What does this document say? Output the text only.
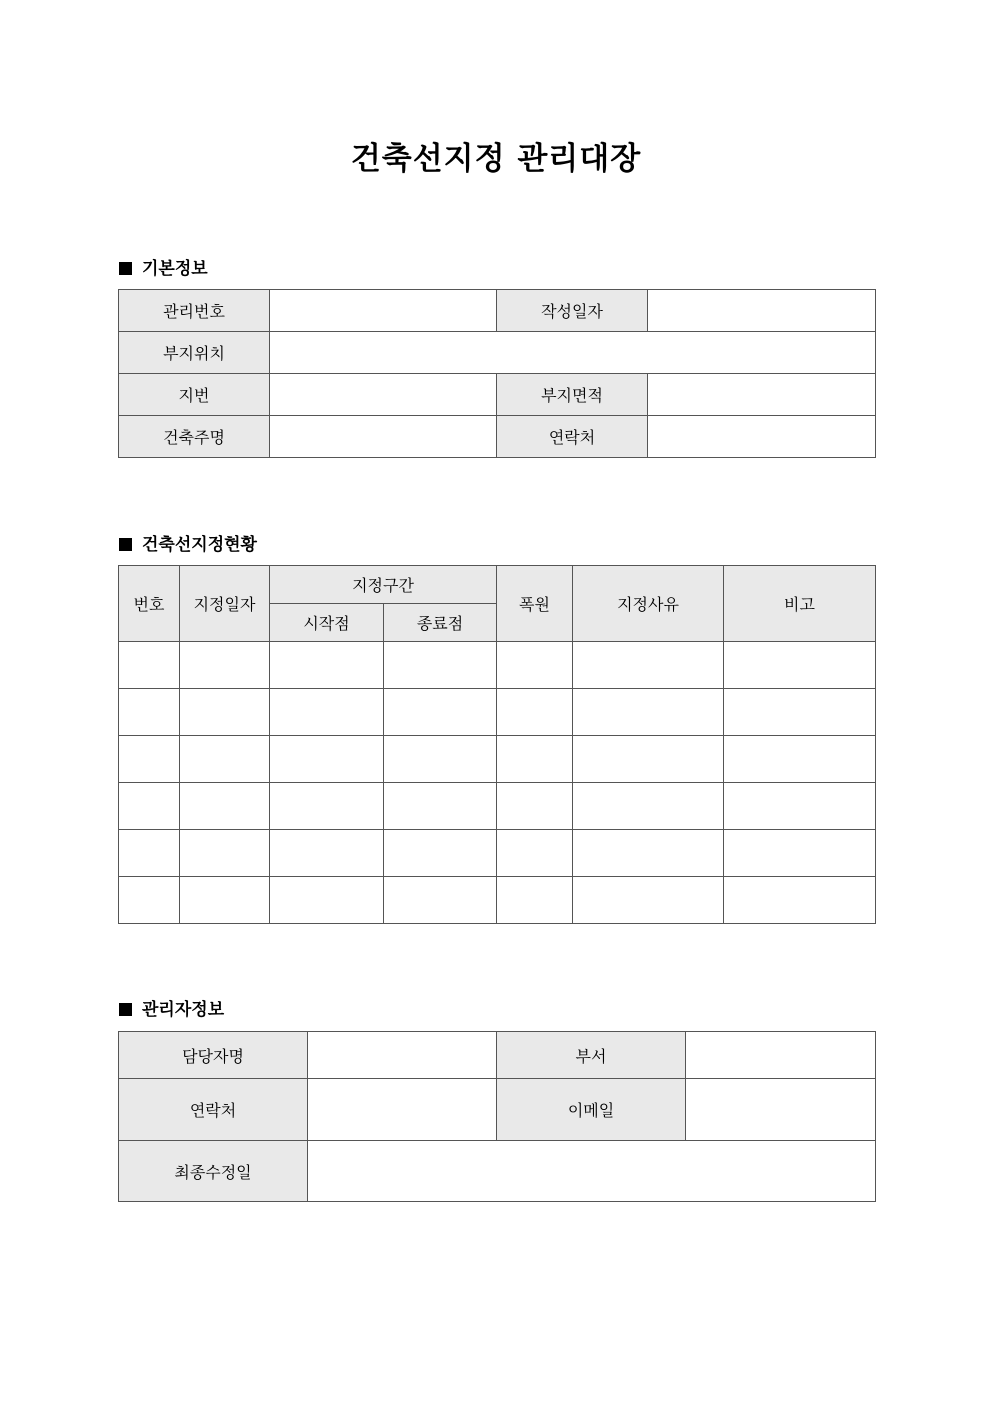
건축선지정 관리대장
기본정보
관리번호		작성일자	
부지위치			
지번		부지면적	
건축주명		연락처	
건축선지정현황
번호	지정일자	지정구간		폭원	지정사유	비고
		시작점	종료점			

관리자정보
담당자명		부서	
연락처		이메일	
최종수정일			
